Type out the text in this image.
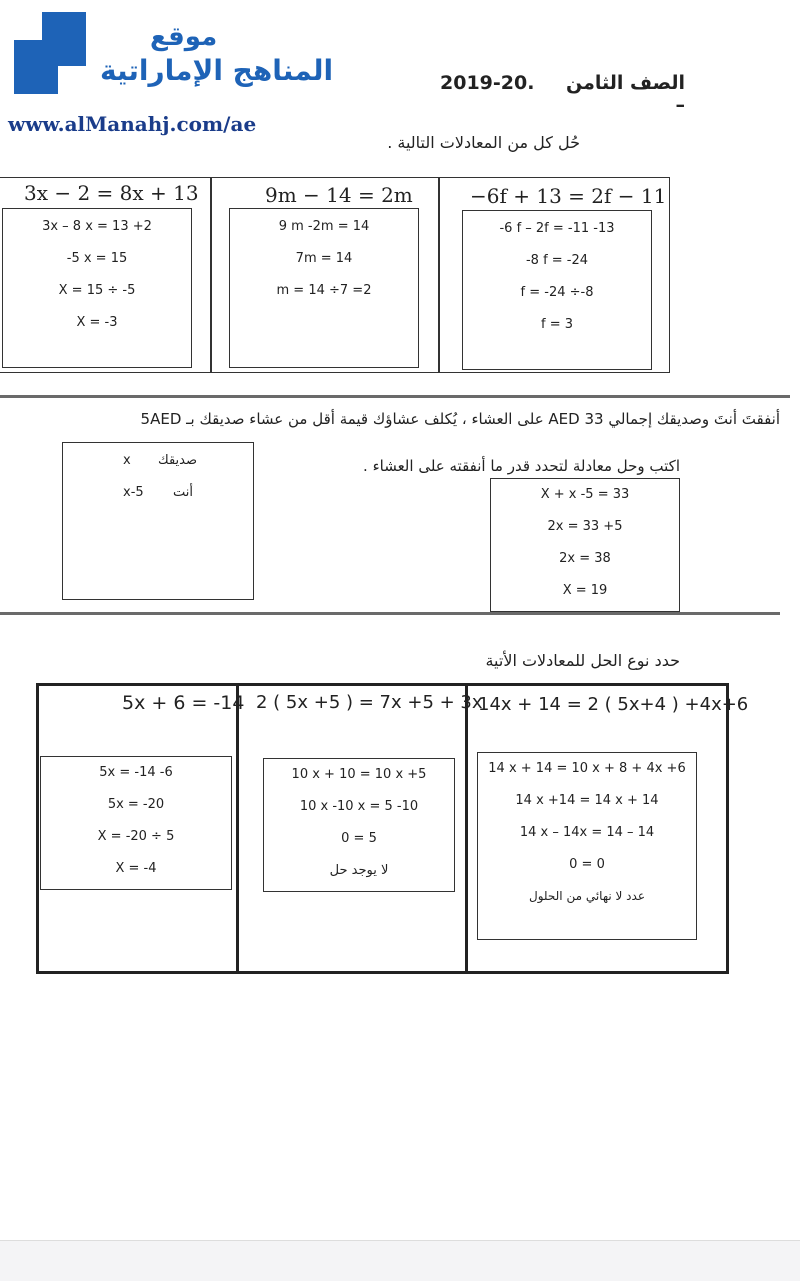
موقع
المناهج الإماراتية
www.alManahj.com/ae
2019-20.	الصف الثامن –
حُل كل من المعادلات التالية .
3x − 2 = 8x + 13
3x – 8 x = 13 +2
-5 x = 15
X = 15 ÷ -5
X = -3
9m − 14 = 2m
9 m -2m = 14
7m = 14
m = 14 ÷7 =2
−6f + 13 = 2f − 11
-6 f – 2f = -11 -13
-8 f = -24
f = -24 ÷-8
f = 3
أنفقتَ أنتَ وصديقك إجمالي 33 AED على العشاء ، يُكلف عشاؤك قيمة أقل من عشاء صديقك بـ 5AED
اكتب وحل معادلة لتحدد قدر ما أنفقته على العشاء .
x صديقك
x-5 أنت	X + x -5 = 33
2x = 33 +5
2x = 38
X = 19
حدد نوع الحل للمعادلات الأتية
5x + 6 = -14
5x = -14 -6
5x = -20
X = -20 ÷ 5
X = -4
2 ( 5x +5 ) = 7x +5 + 3x
10 x + 10 = 10 x +5
10 x -10 x = 5 -10
0 = 5
لا يوجد حل
14x + 14 = 2 ( 5x+4 ) +4x+6
14 x + 14 = 10 x + 8 + 4x +6
14 x +14 = 14 x + 14
14 x – 14x = 14 – 14
0 = 0
عدد لا نهائي من الحلول
